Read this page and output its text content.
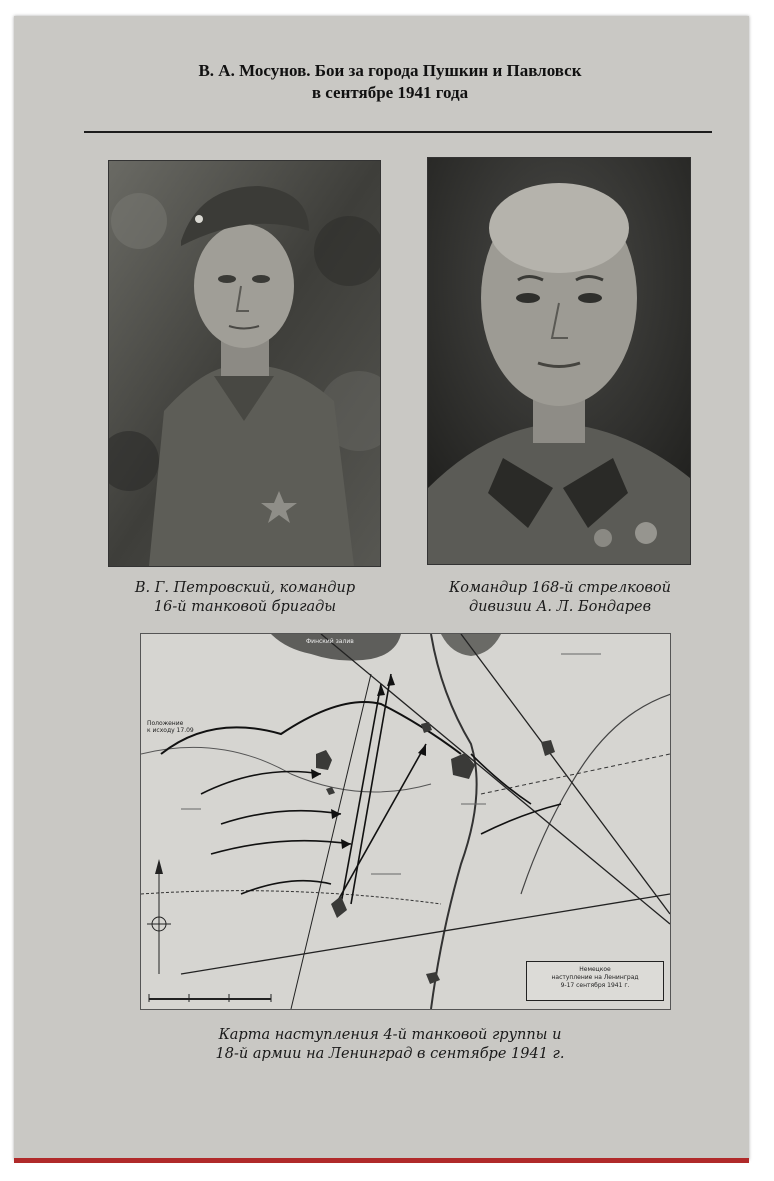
В. А. Мосунов. Бои за города Пушкин и Павловск
в сентябре 1941 года
В. Г. Петровский, командир
16-й танковой бригады
Командир 168-й стрелковой
дивизии А. Л. Бондарев
Финский залив
Положение
к исходу 17.09
Немецкое
наступление на Ленинград
9-17 сентября 1941 г.
Карта наступления 4-й танковой группы и
18-й армии на Ленинград в сентябре 1941 г.
